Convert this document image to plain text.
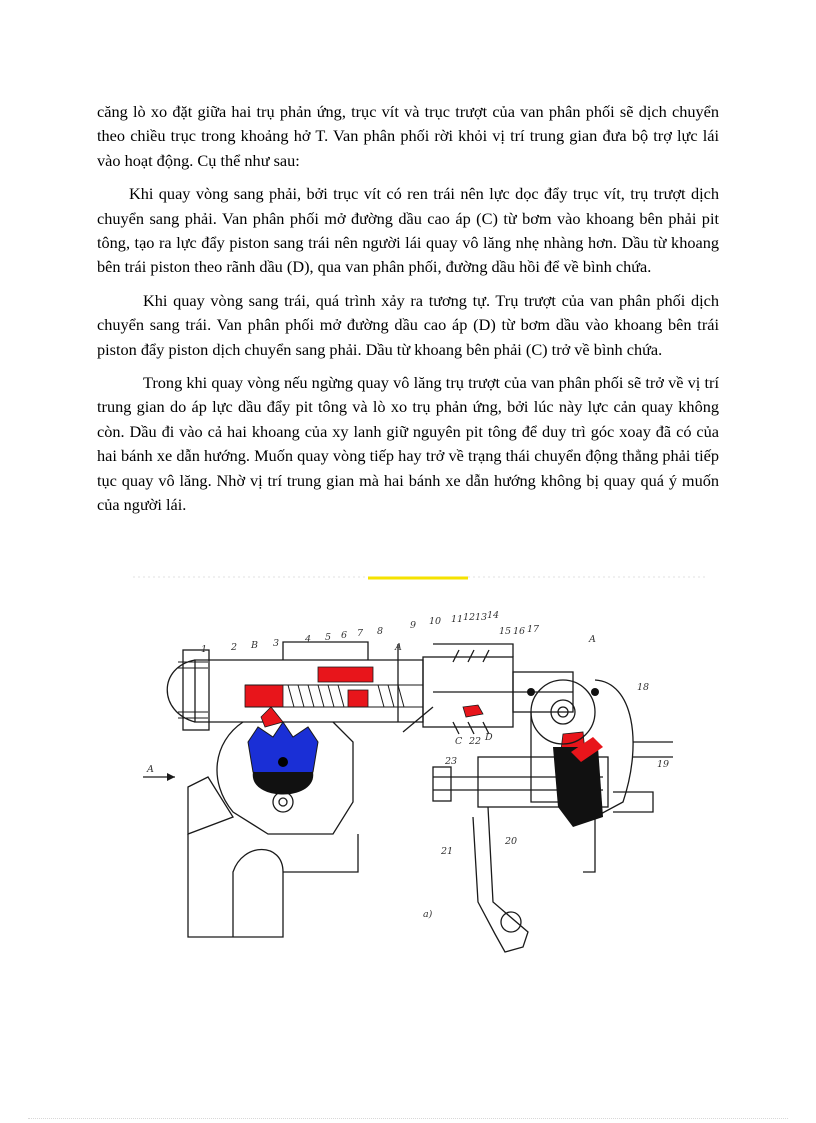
căng lò xo đặt giữa hai trụ phản ứng, trục vít và trục trượt của van phân phối sẽ dịch chuyển theo chiều trục trong khoảng hở T. Van phân phối rời khỏi vị trí trung gian đưa bộ trợ lực lái vào hoạt động. Cụ thể như sau:

Khi quay vòng sang phải, bởi trục vít có ren trái nên lực dọc đẩy trục vít, trụ trượt dịch chuyển sang phải. Van phân phối mở đường dầu cao áp (C) từ bơm vào khoang bên phải pit tông, tạo ra lực đẩy piston sang trái nên người lái quay vô lăng nhẹ nhàng hơn. Dầu từ khoang bên trái piston theo rãnh dầu (D), qua van phân phối, đường dầu hồi để về bình chứa.

Khi quay vòng sang trái, quá trình xảy ra tương tự. Trụ trượt của van phân phối dịch chuyển sang trái. Van phân phối mở đường dầu cao áp (D) từ bơm dầu vào khoang bên trái piston đẩy piston dịch chuyển sang phải. Dầu từ khoang bên phải (C) trở về bình chứa.

Trong khi quay vòng nếu ngừng quay vô lăng trụ trượt của van phân phối sẽ trở về vị trí trung gian do áp lực dầu đẩy pit tông và lò xo trụ phản ứng, bởi lúc này lực cản quay không còn. Dầu đi vào cả hai khoang của xy lanh giữ nguyên pit tông để duy trì góc xoay đã có của hai bánh xe dẫn hướng. Muốn quay vòng tiếp hay trở về trạng thái chuyển động thẳng phải tiếp tục quay vô lăng. Nhờ vị trí trung gian mà hai bánh xe dẫn hướng không bị quay quá ý muốn của người lái.

1	2 B 3	4 5 6 7 8
9 10 11 12 13 14
15 16 17
A
18
19
20
21
23
C 22 D
A
A
a)
